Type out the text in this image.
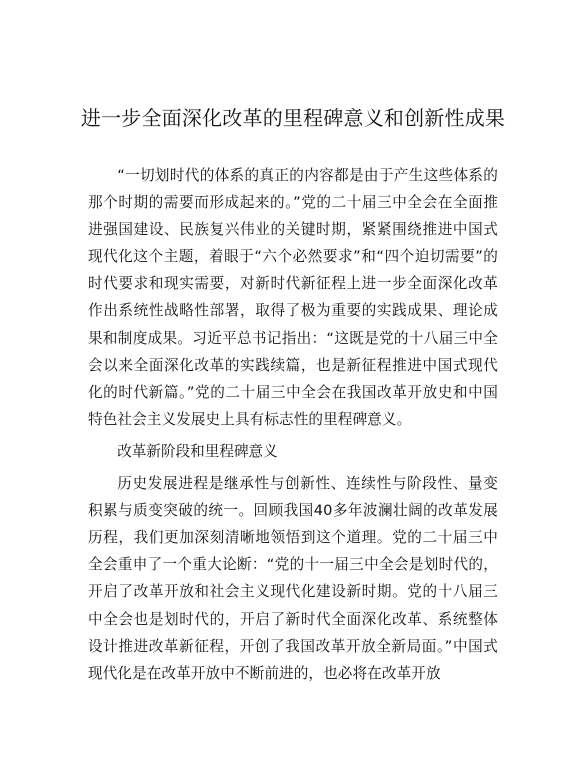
进一步全面深化改革的里程碑意义和创新性成果

“一切划时代的体系的真正的内容都是由于产生这些体系的那个时期的需要而形成起来的。”党的二十届三中全会在全面推进强国建设、民族复兴伟业的关键时期，紧紧围绕推进中国式现代化这个主题，着眼于“六个必然要求”和“四个迫切需要”的时代要求和现实需要，对新时代新征程上进一步全面深化改革作出系统性战略性部署，取得了极为重要的实践成果、理论成果和制度成果。习近平总书记指出：“这既是党的十八届三中全会以来全面深化改革的实践续篇，也是新征程推进中国式现代化的时代新篇。”党的二十届三中全会在我国改革开放史和中国特色社会主义发展史上具有标志性的里程碑意义。

改革新阶段和里程碑意义

历史发展进程是继承性与创新性、连续性与阶段性、量变积累与质变突破的统一。回顾我国40多年波澜壮阔的改革发展历程，我们更加深刻清晰地领悟到这个道理。党的二十届三中全会重申了一个重大论断：“党的十一届三中全会是划时代的，开启了改革开放和社会主义现代化建设新时期。党的十八届三中全会也是划时代的，开启了新时代全面深化改革、系统整体设计推进改革新征程，开创了我国改革开放全新局面。”中国式现代化是在改革开放中不断前进的，也必将在改革开放
